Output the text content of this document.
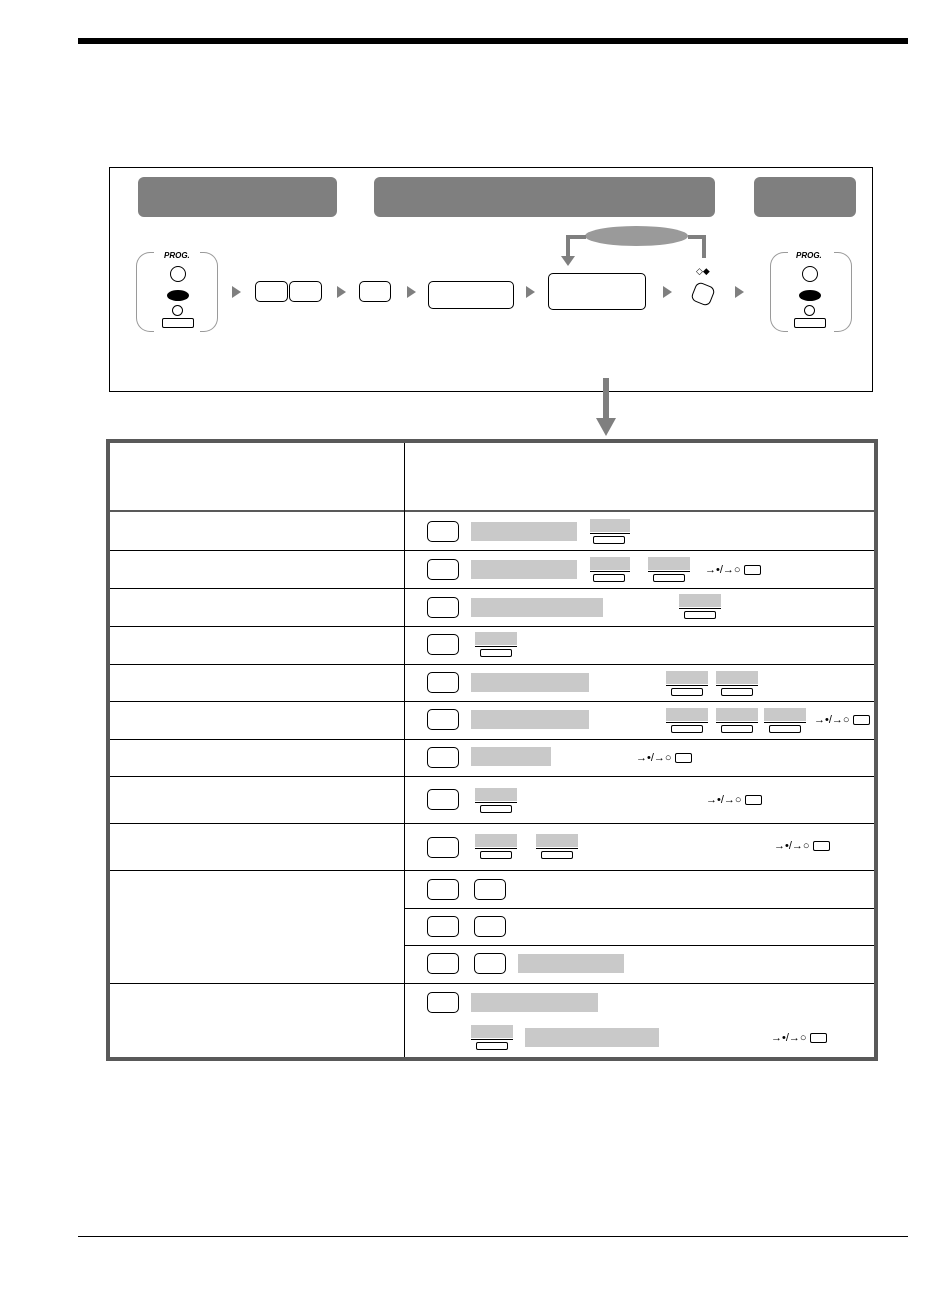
PROG.
◇◆
PROG.
→•/→○
→•/→○
→•/→○
→•/→○
→•/→○
→•/→○
